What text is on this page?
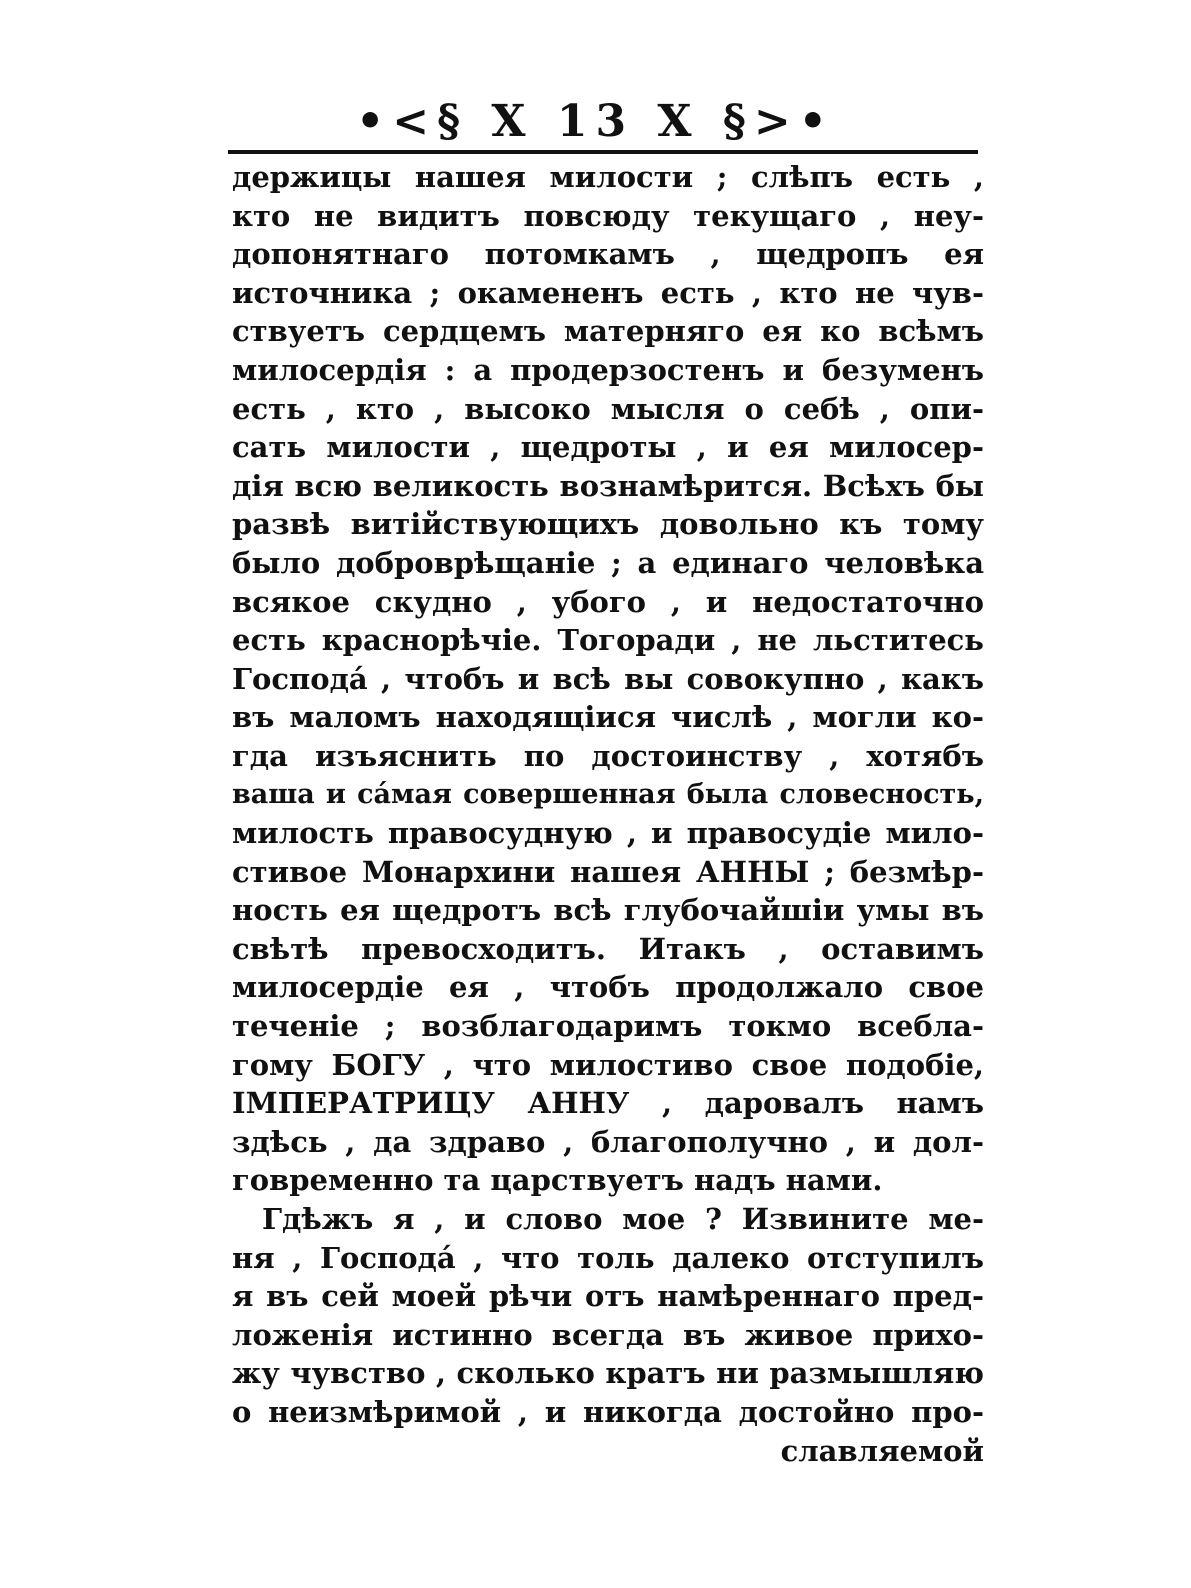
•<§ Χ 13 Χ §>•
держицы нашея милости ; слѣпъ есть ,
кто не видитъ повсюду текущаго , неу-
допонятнаго потомкамъ , щедропъ ея
источника ; окамененъ есть , кто не чув-
ствуетъ сердцемъ матерняго ея ко всѣмъ
милосердія : а продерзостенъ и безуменъ
есть , кто , высоко мысля о себѣ , опи-
сать милости , щедроты , и ея милосер-
дія всю великость вознамѣрится. Всѣхъ бы
развѣ витійствующихъ довольно къ тому
было доброврѣщаніе ; а единаго человѣка
всякое скудно , убого , и недостаточно
есть краснорѣчіе. Тогоради , не льститесь
Господа́ , чтобъ и всѣ вы совокупно , какъ
въ маломъ находящіися числѣ , могли ко-
гда изъяснить по достоинству , хотябъ
ваша и са́мая совершенная была словесность,
милость правосудную , и правосудіе мило-
стивое Монархини нашея АННЫ ; безмѣр-
ность ея щедротъ всѣ глубочайшіи умы въ
свѣтѣ превосходитъ. Итакъ , оставимъ
милосердіе ея , чтобъ продолжало свое
теченіе ; возблагодаримъ токмо всебла-
гому БОГУ , что милостиво свое подобіе,
ІМПЕРАТРИЦУ АННУ , даровалъ намъ
здѣсь , да здраво , благополучно , и дол-
говременно та царствуетъ надъ нами.
Гдѣжъ я , и слово мое ? Извините ме-
ня , Господа́ , что толь далеко отступилъ
я въ сей моей рѣчи отъ намѣреннаго пред-
ложенія истинно всегда въ живое прихо-
жу чувство , сколько кратъ ни размышляю
о неизмѣримой , и никогда достойно про-
славляемой
